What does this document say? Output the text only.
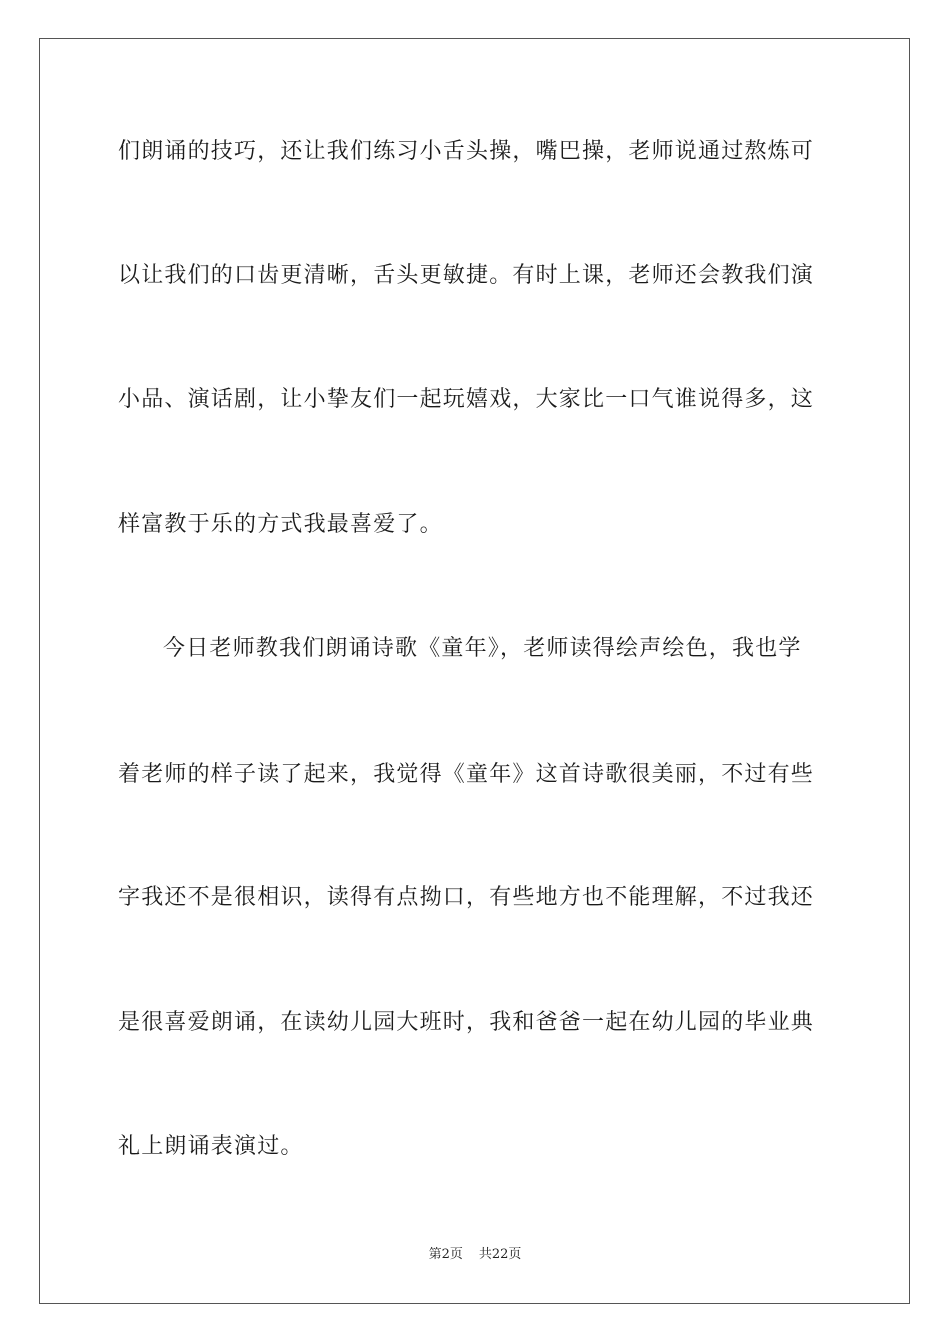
们朗诵的技巧，还让我们练习小舌头操，嘴巴操，老师说通过熬炼可
以让我们的口齿更清晰，舌头更敏捷。有时上课，老师还会教我们演
小品、演话剧，让小挚友们一起玩嬉戏，大家比一口气谁说得多，这
样富教于乐的方式我最喜爱了。
今日老师教我们朗诵诗歌《童年》，老师读得绘声绘色，我也学
着老师的样子读了起来，我觉得《童年》这首诗歌很美丽，不过有些
字我还不是很相识，读得有点拗口，有些地方也不能理解，不过我还
是很喜爱朗诵，在读幼儿园大班时，我和爸爸一起在幼儿园的毕业典
礼上朗诵表演过。
第2页 共22页
